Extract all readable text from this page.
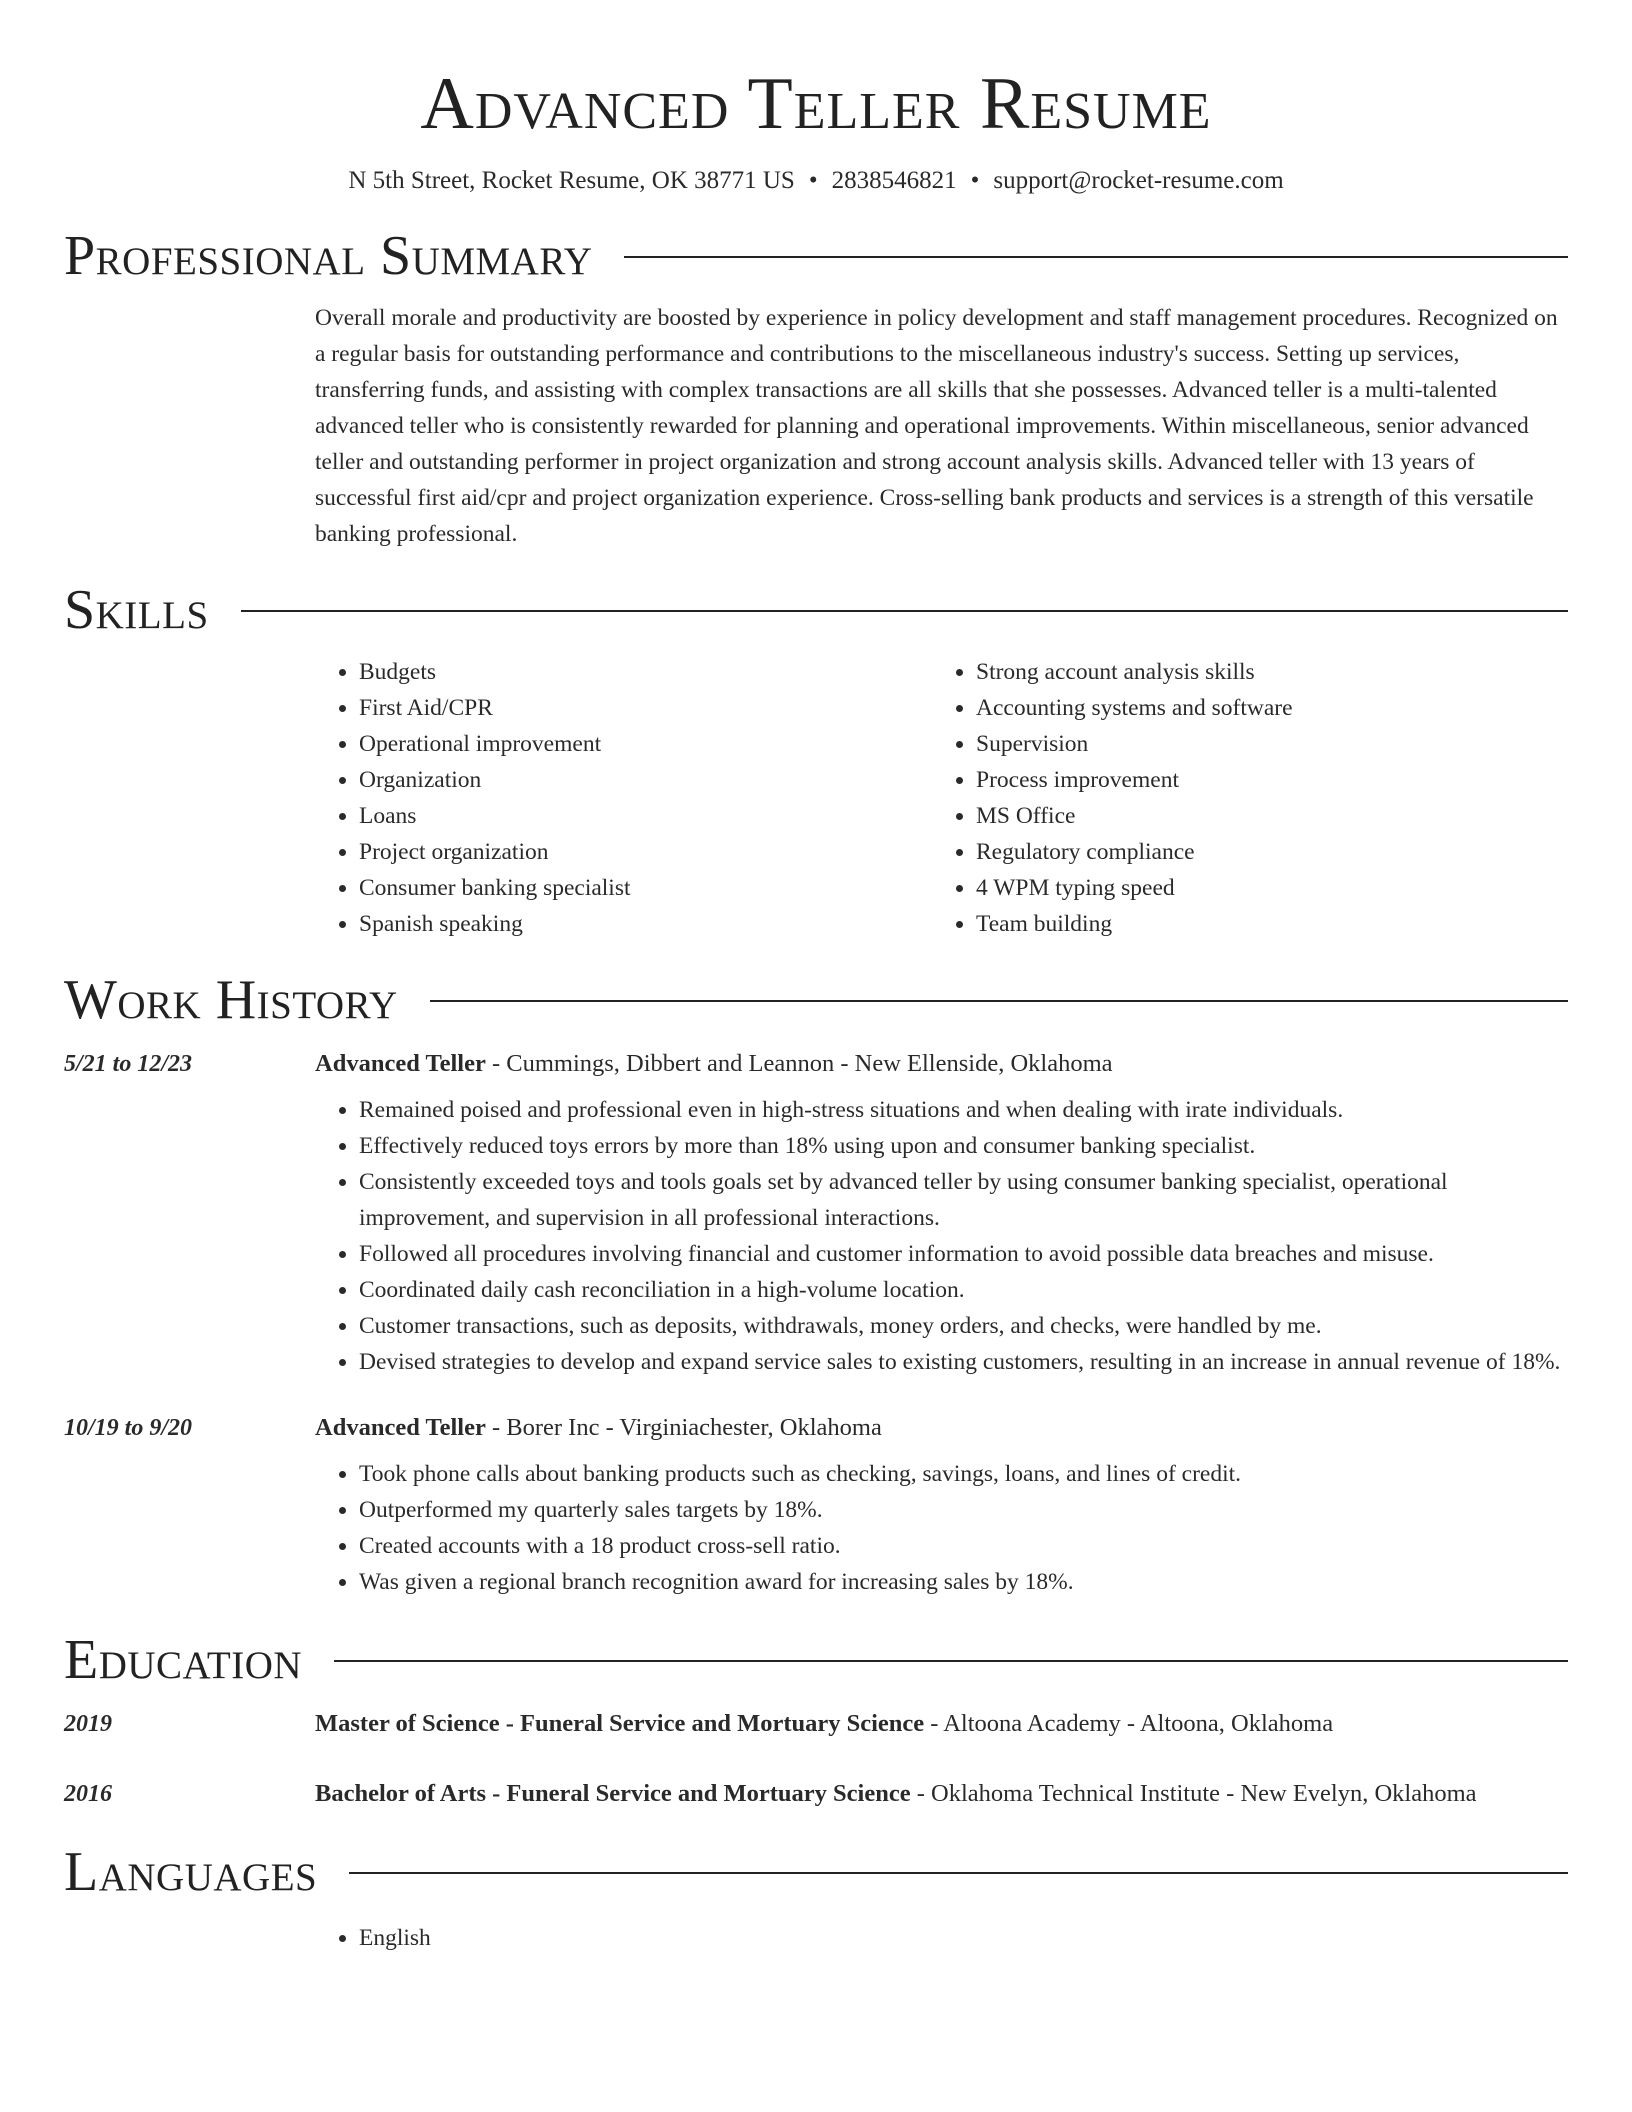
Advanced Teller Resume
N 5th Street, Rocket Resume, OK 38771 US • 2838546821 • support@rocket-resume.com
Professional Summary
Overall morale and productivity are boosted by experience in policy development and staff management procedures. Recognized on a regular basis for outstanding performance and contributions to the miscellaneous industry's success. Setting up services, transferring funds, and assisting with complex transactions are all skills that she possesses. Advanced teller is a multi-talented advanced teller who is consistently rewarded for planning and operational improvements. Within miscellaneous, senior advanced teller and outstanding performer in project organization and strong account analysis skills. Advanced teller with 13 years of successful first aid/cpr and project organization experience. Cross-selling bank products and services is a strength of this versatile banking professional.
Skills
• Budgets
• First Aid/CPR
• Operational improvement
• Organization
• Loans
• Project organization
• Consumer banking specialist
• Spanish speaking
• Strong account analysis skills
• Accounting systems and software
• Supervision
• Process improvement
• MS Office
• Regulatory compliance
• 4 WPM typing speed
• Team building
Work History
5/21 to 12/23	Advanced Teller - Cummings, Dibbert and Leannon - New Ellenside, Oklahoma
• Remained poised and professional even in high-stress situations and when dealing with irate individuals.
• Effectively reduced toys errors by more than 18% using upon and consumer banking specialist.
• Consistently exceeded toys and tools goals set by advanced teller by using consumer banking specialist, operational improvement, and supervision in all professional interactions.
• Followed all procedures involving financial and customer information to avoid possible data breaches and misuse.
• Coordinated daily cash reconciliation in a high-volume location.
• Customer transactions, such as deposits, withdrawals, money orders, and checks, were handled by me.
• Devised strategies to develop and expand service sales to existing customers, resulting in an increase in annual revenue of 18%.
10/19 to 9/20	Advanced Teller - Borer Inc - Virginiachester, Oklahoma
• Took phone calls about banking products such as checking, savings, loans, and lines of credit.
• Outperformed my quarterly sales targets by 18%.
• Created accounts with a 18 product cross-sell ratio.
• Was given a regional branch recognition award for increasing sales by 18%.
Education
2019	Master of Science - Funeral Service and Mortuary Science - Altoona Academy - Altoona, Oklahoma
2016	Bachelor of Arts - Funeral Service and Mortuary Science - Oklahoma Technical Institute - New Evelyn, Oklahoma
Languages
• English
